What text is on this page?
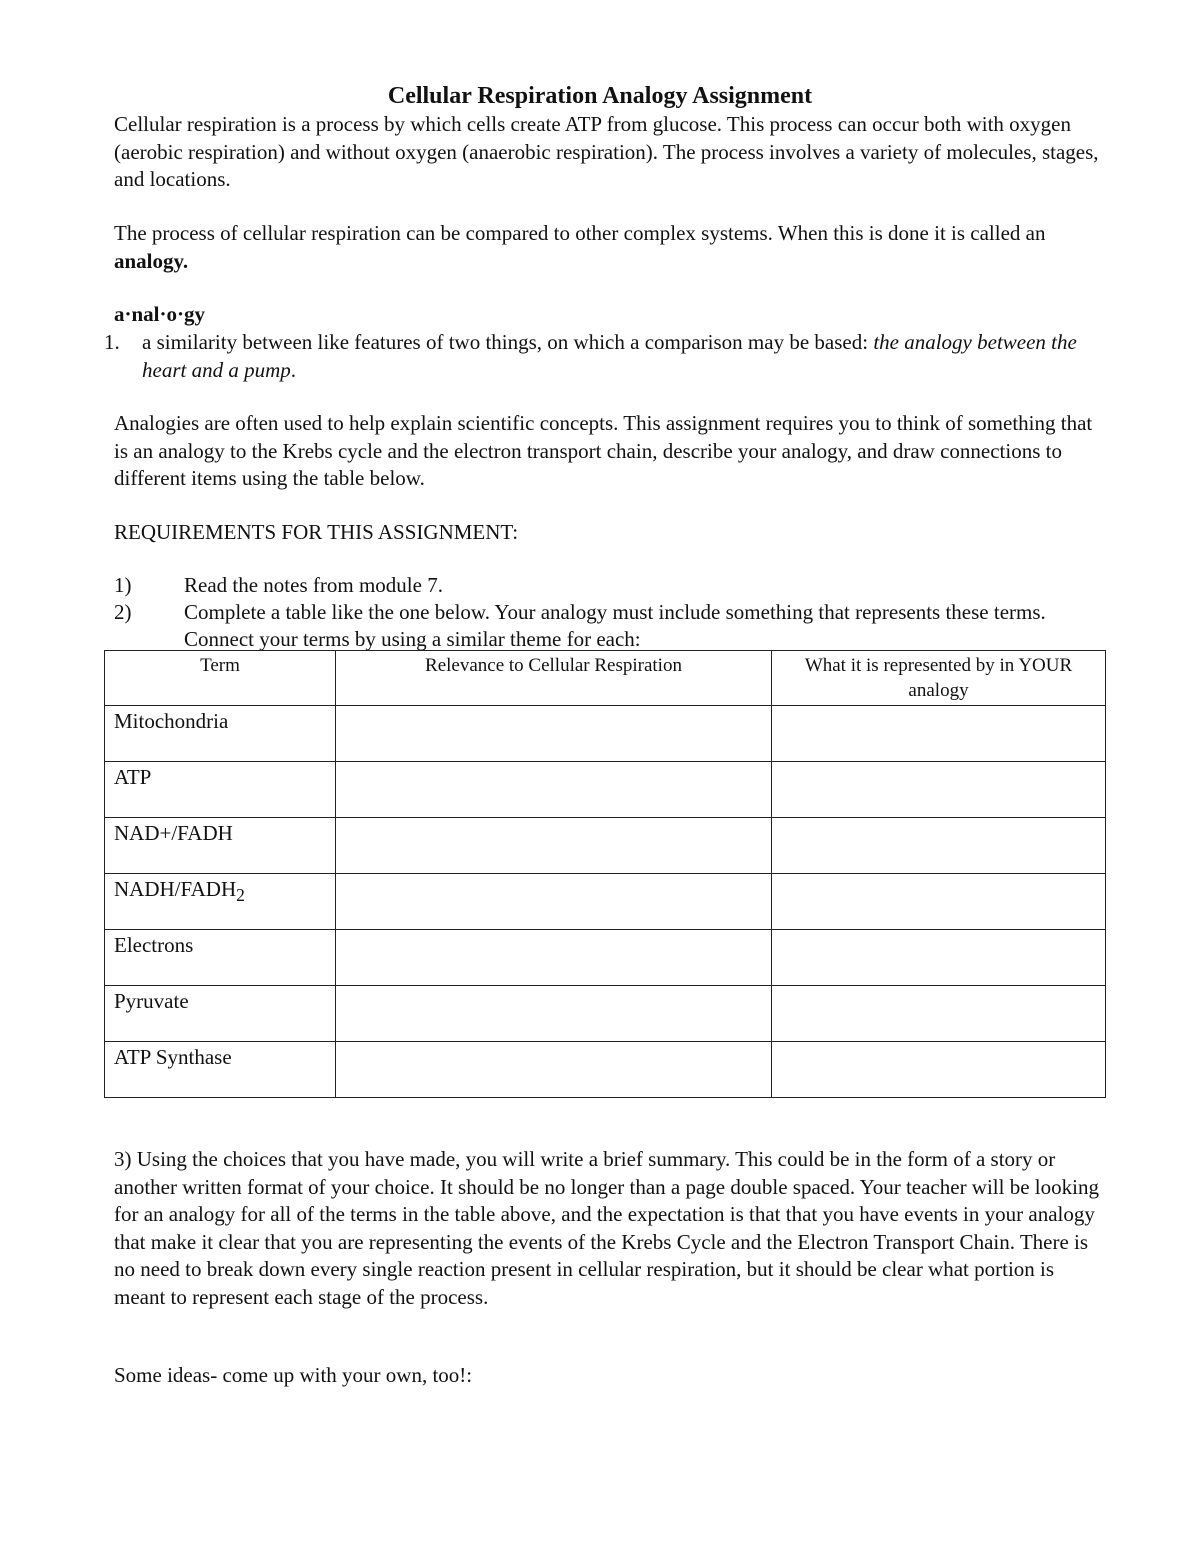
Cellular Respiration Analogy Assignment

Cellular respiration is a process by which cells create ATP from glucose. This process can occur both with oxygen (aerobic respiration) and without oxygen (anaerobic respiration). The process involves a variety of molecules, stages, and locations.

The process of cellular respiration can be compared to other complex systems. When this is done it is called an analogy.

a·nal·o·gy

1.	a similarity between like features of two things, on which a comparison may be based: the analogy between the heart and a pump.

Analogies are often used to help explain scientific concepts. This assignment requires you to think of something that is an analogy to the Krebs cycle and the electron transport chain, describe your analogy, and draw connections to different items using the table below.

REQUIREMENTS FOR THIS ASSIGNMENT:

1)	Read the notes from module 7.
2)	Complete a table like the one below. Your analogy must include something that represents these terms. Connect your terms by using a similar theme for each:
Term	Relevance to Cellular Respiration	What it is represented by in YOUR analogy
Mitochondria		
ATP		
NAD+/FADH		
NADH/$FADH_2$		
Electrons		
Pyruvate		
ATP Synthase		

3) Using the choices that you have made, you will write a brief summary. This could be in the form of a story or another written format of your choice. It should be no longer than a page double spaced. Your teacher will be looking for an analogy for all of the terms in the table above, and the expectation is that that you have events in your analogy that make it clear that you are representing the events of the Krebs Cycle and the Electron Transport Chain. There is no need to break down every single reaction present in cellular respiration, but it should be clear what portion is meant to represent each stage of the process.

Some ideas- come up with your own, too!:
